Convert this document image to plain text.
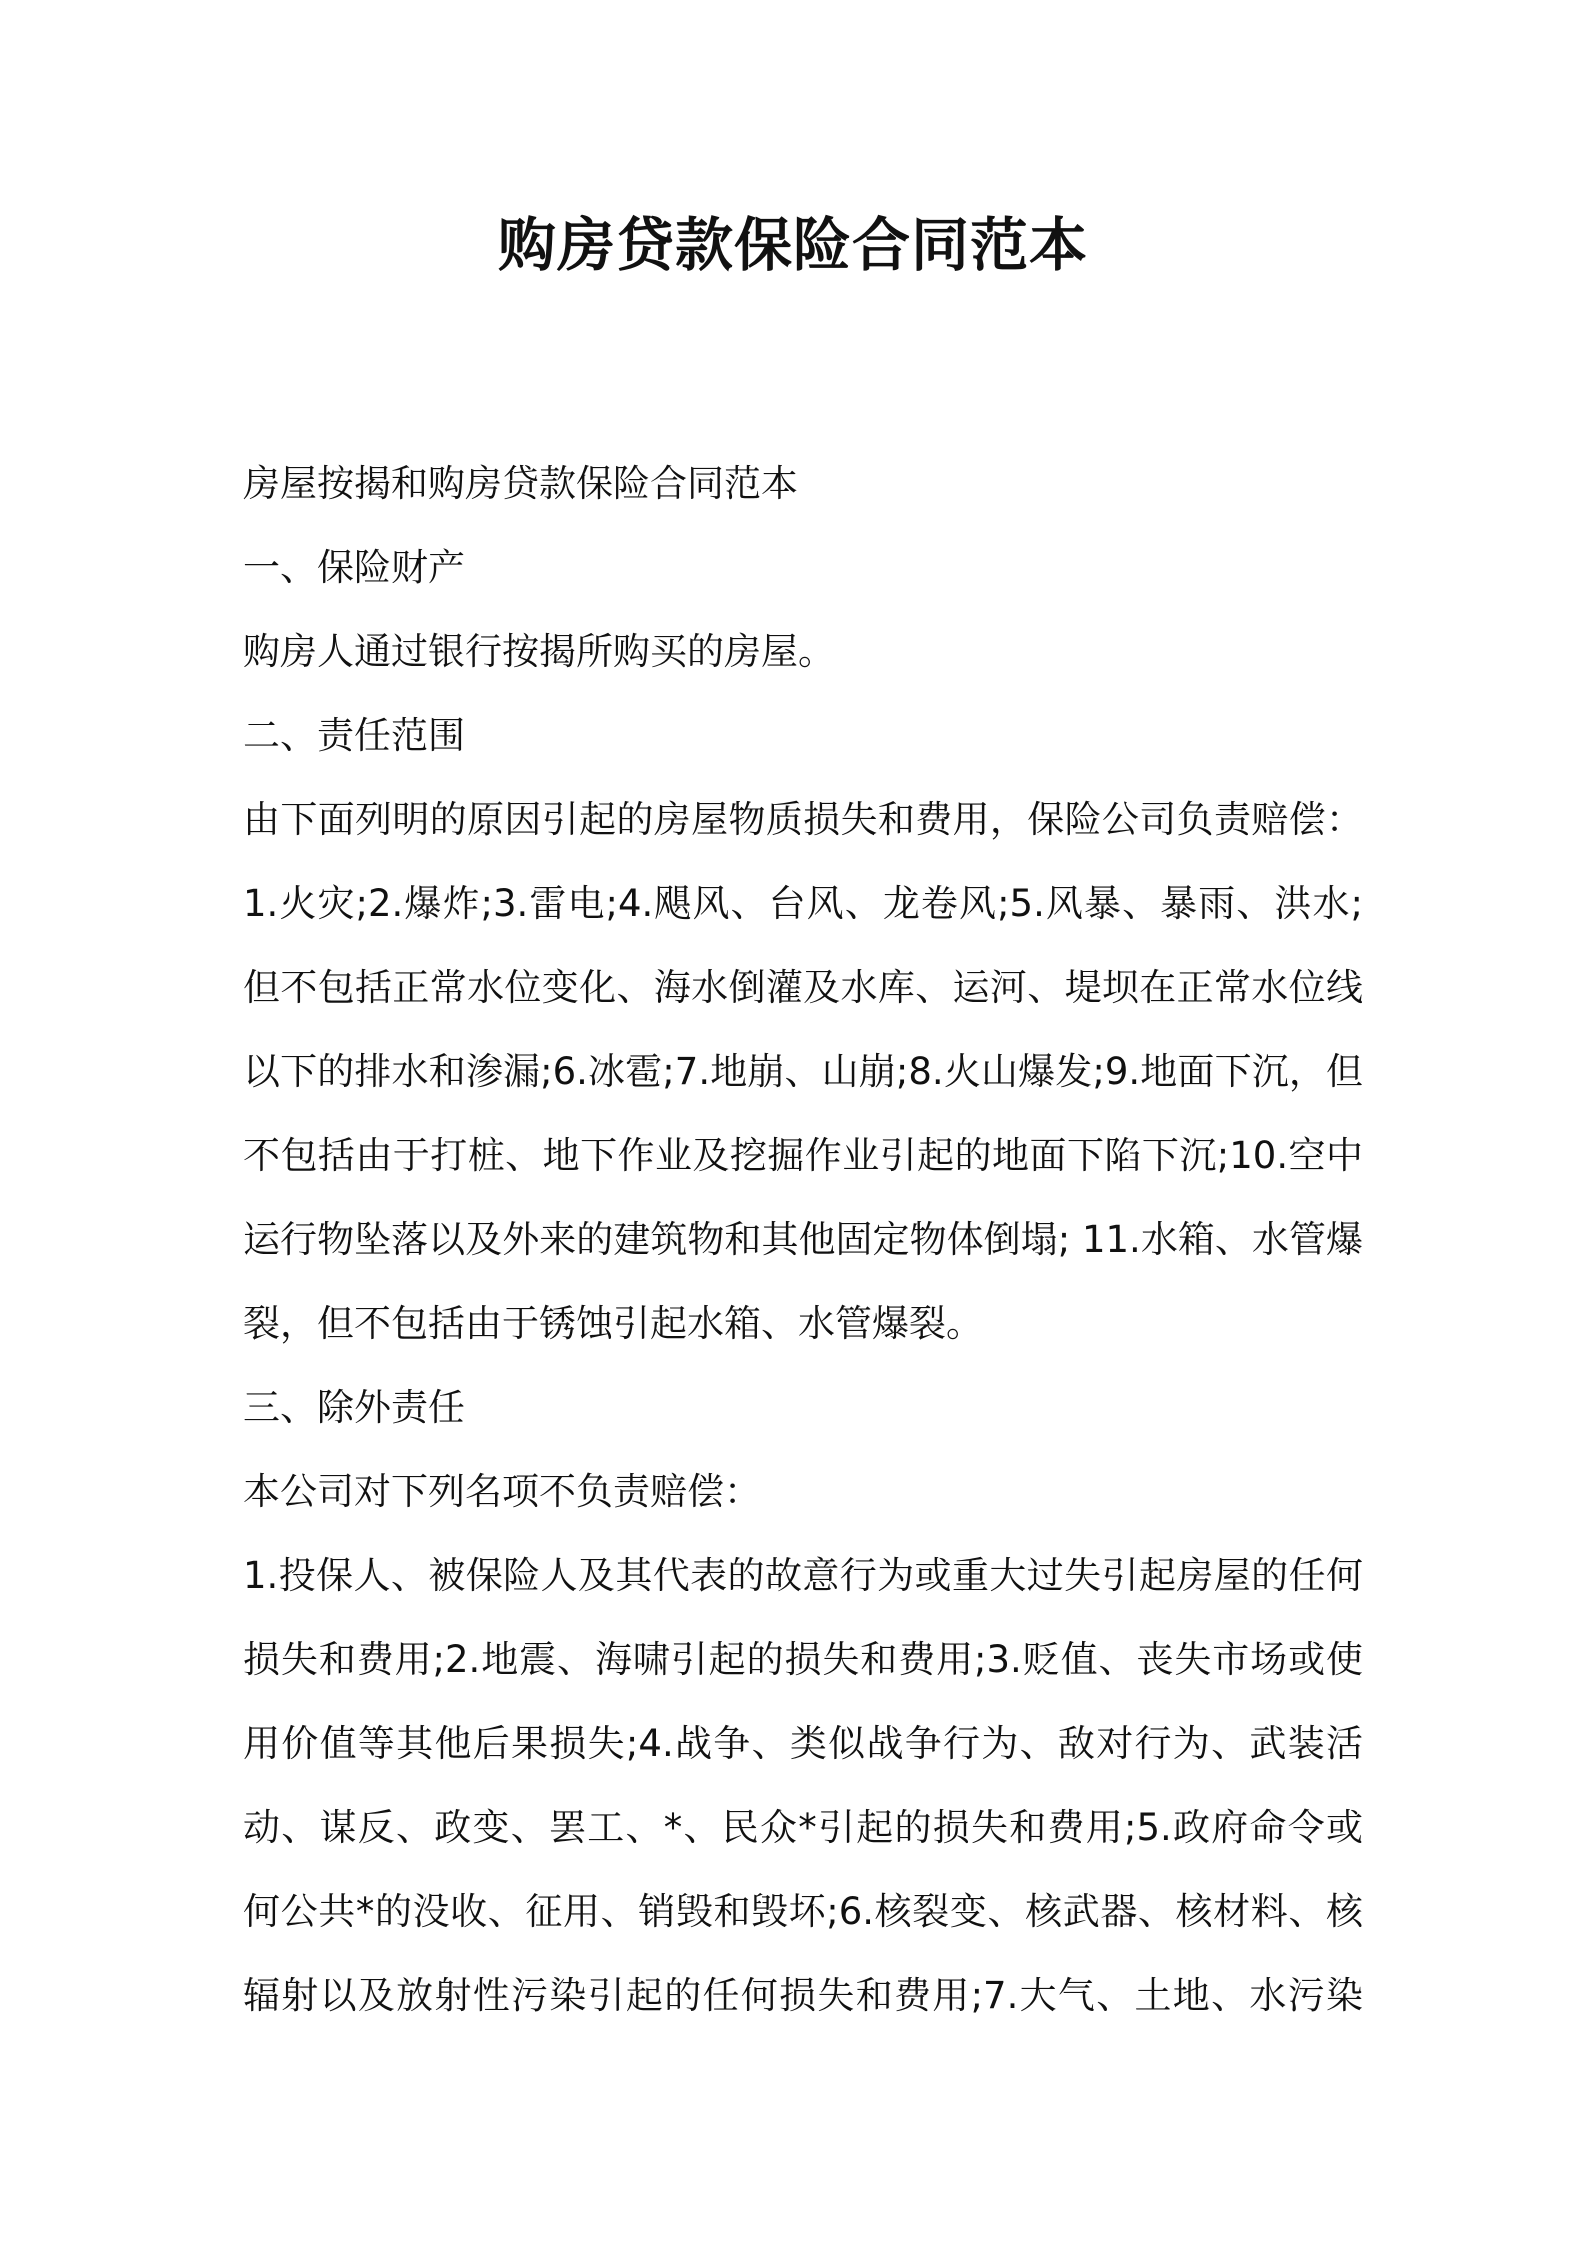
购房贷款保险合同范本

房屋按揭和购房贷款保险合同范本

一、保险财产

购房人通过银行按揭所购买的房屋。

二、责任范围

由下面列明的原因引起的房屋物质损失和费用，保险公司负责赔偿：

1.火灾;2.爆炸;3.雷电;4.飓风、台风、龙卷风;5.风暴、暴雨、洪水;

但不包括正常水位变化、海水倒灌及水库、运河、堤坝在正常水位线

以下的排水和渗漏;6.冰雹;7.地崩、山崩;8.火山爆发;9.地面下沉，但

不包括由于打桩、地下作业及挖掘作业引起的地面下陷下沉;10.空中

运行物坠落以及外来的建筑物和其他固定物体倒塌; 11.水箱、水管爆

裂，但不包括由于锈蚀引起水箱、水管爆裂。

三、除外责任

本公司对下列名项不负责赔偿：

1.投保人、被保险人及其代表的故意行为或重大过失引起房屋的任何

损失和费用;2.地震、海啸引起的损失和费用;3.贬值、丧失市场或使

用价值等其他后果损失;4.战争、类似战争行为、敌对行为、武装活

动、谋反、政变、罢工、*、民众*引起的损失和费用;5.政府命令或

何公共*的没收、征用、销毁和毁坏;6.核裂变、核武器、核材料、核

辐射以及放射性污染引起的任何损失和费用;7.大气、土地、水污染
